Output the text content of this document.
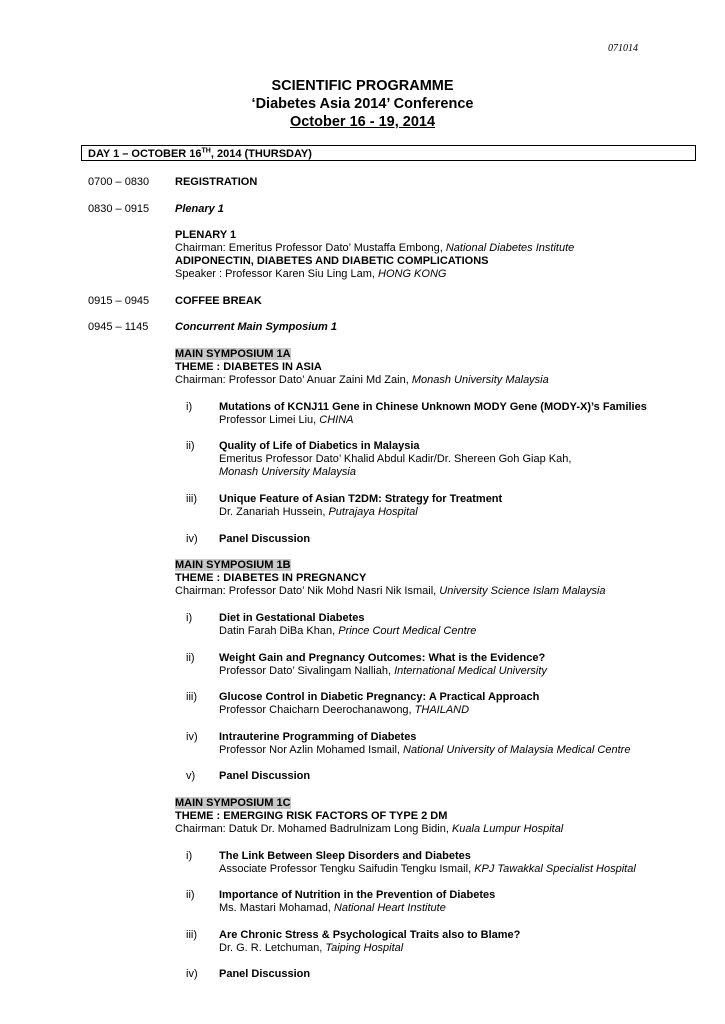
071014
SCIENTIFIC PROGRAMME
‘Diabetes Asia 2014’ Conference
October 16 - 19, 2014
DAY 1 – OCTOBER 16TH, 2014 (THURSDAY)
0700 – 0830 REGISTRATION
0830 – 0915 Plenary 1
PLENARY 1
Chairman: Emeritus Professor Dato’ Mustaffa Embong, National Diabetes Institute
ADIPONECTIN, DIABETES AND DIABETIC COMPLICATIONS
Speaker : Professor Karen Siu Ling Lam, HONG KONG
0915 – 0945 COFFEE BREAK
0945 – 1145 Concurrent Main Symposium 1
MAIN SYMPOSIUM 1A
THEME : DIABETES IN ASIA
Chairman: Professor Dato’ Anuar Zaini Md Zain, Monash University Malaysia
i) Mutations of KCNJ11 Gene in Chinese Unknown MODY Gene (MODY-X)’s Families
Professor Limei Liu, CHINA
ii) Quality of Life of Diabetics in Malaysia
Emeritus Professor Dato’ Khalid Abdul Kadir/Dr. Shereen Goh Giap Kah,
Monash University Malaysia
iii) Unique Feature of Asian T2DM: Strategy for Treatment
Dr. Zanariah Hussein, Putrajaya Hospital
iv) Panel Discussion
MAIN SYMPOSIUM 1B
THEME : DIABETES IN PREGNANCY
Chairman: Professor Dato’ Nik Mohd Nasri Nik Ismail, University Science Islam Malaysia
i) Diet in Gestational Diabetes
Datin Farah DiBa Khan, Prince Court Medical Centre
ii) Weight Gain and Pregnancy Outcomes: What is the Evidence?
Professor Dato’ Sivalingam Nalliah, International Medical University
iii) Glucose Control in Diabetic Pregnancy: A Practical Approach
Professor Chaicharn Deerochanawong, THAILAND
iv) Intrauterine Programming of Diabetes
Professor Nor Azlin Mohamed Ismail, National University of Malaysia Medical Centre
v) Panel Discussion
MAIN SYMPOSIUM 1C
THEME : EMERGING RISK FACTORS OF TYPE 2 DM
Chairman: Datuk Dr. Mohamed Badrulnizam Long Bidin, Kuala Lumpur Hospital
i) The Link Between Sleep Disorders and Diabetes
Associate Professor Tengku Saifudin Tengku Ismail, KPJ Tawakkal Specialist Hospital
ii) Importance of Nutrition in the Prevention of Diabetes
Ms. Mastari Mohamad, National Heart Institute
iii) Are Chronic Stress & Psychological Traits also to Blame?
Dr. G. R. Letchuman, Taiping Hospital
iv) Panel Discussion
